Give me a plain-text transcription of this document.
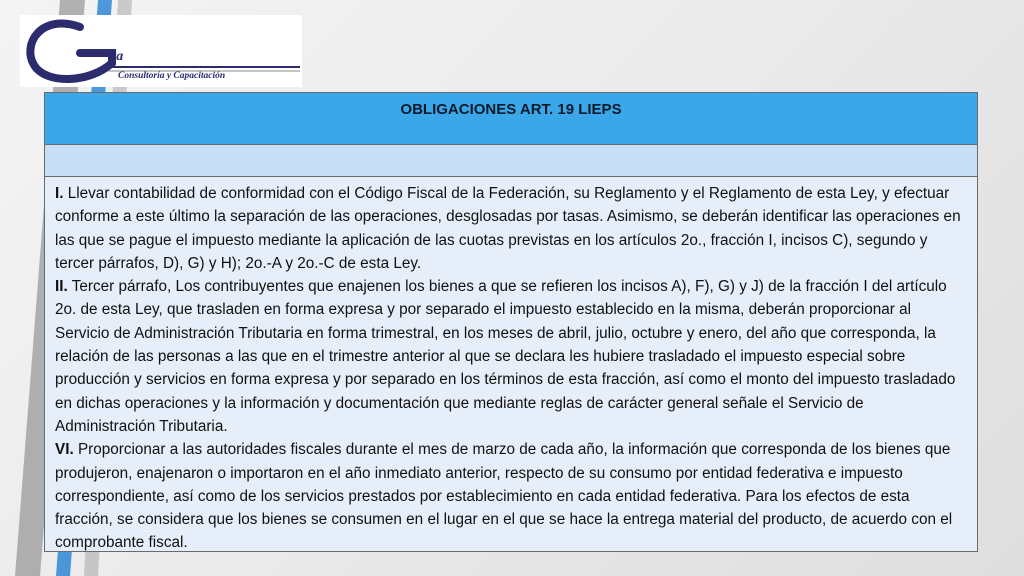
va
Consultoría y Capacitación
OBLIGACIONES ART. 19 LIEPS

I. Llevar contabilidad de conformidad con el Código Fiscal de la Federación, su Reglamento y el Reglamento de esta Ley, y efectuar conforme a este último la separación de las operaciones, desglosadas por tasas. Asimismo, se deberán identificar las operaciones en las que se pague el impuesto mediante la aplicación de las cuotas previstas en los artículos 2o., fracción I, incisos C), segundo y tercer párrafos, D), G) y H); 2o.-A y 2o.-C de esta Ley.

II. Tercer párrafo, Los contribuyentes que enajenen los bienes a que se refieren los incisos A), F), G) y J) de la fracción I del artículo 2o. de esta Ley, que trasladen en forma expresa y por separado el impuesto establecido en la misma, deberán proporcionar al Servicio de Administración Tributaria en forma trimestral, en los meses de abril, julio, octubre y enero, del año que corresponda, la relación de las personas a las que en el trimestre anterior al que se declara les hubiere trasladado el impuesto especial sobre producción y servicios en forma expresa y por separado en los términos de esta fracción, así como el monto del impuesto trasladado en dichas operaciones y la información y documentación que mediante reglas de carácter general señale el Servicio de Administración Tributaria.

VI. Proporcionar a las autoridades fiscales durante el mes de marzo de cada año, la información que corresponda de los bienes que produjeron, enajenaron o importaron en el año inmediato anterior, respecto de su consumo por entidad federativa e impuesto correspondiente, así como de los servicios prestados por establecimiento en cada entidad federativa. Para los efectos de esta fracción, se considera que los bienes se consumen en el lugar en el que se hace la entrega material del producto, de acuerdo con el comprobante fiscal.
